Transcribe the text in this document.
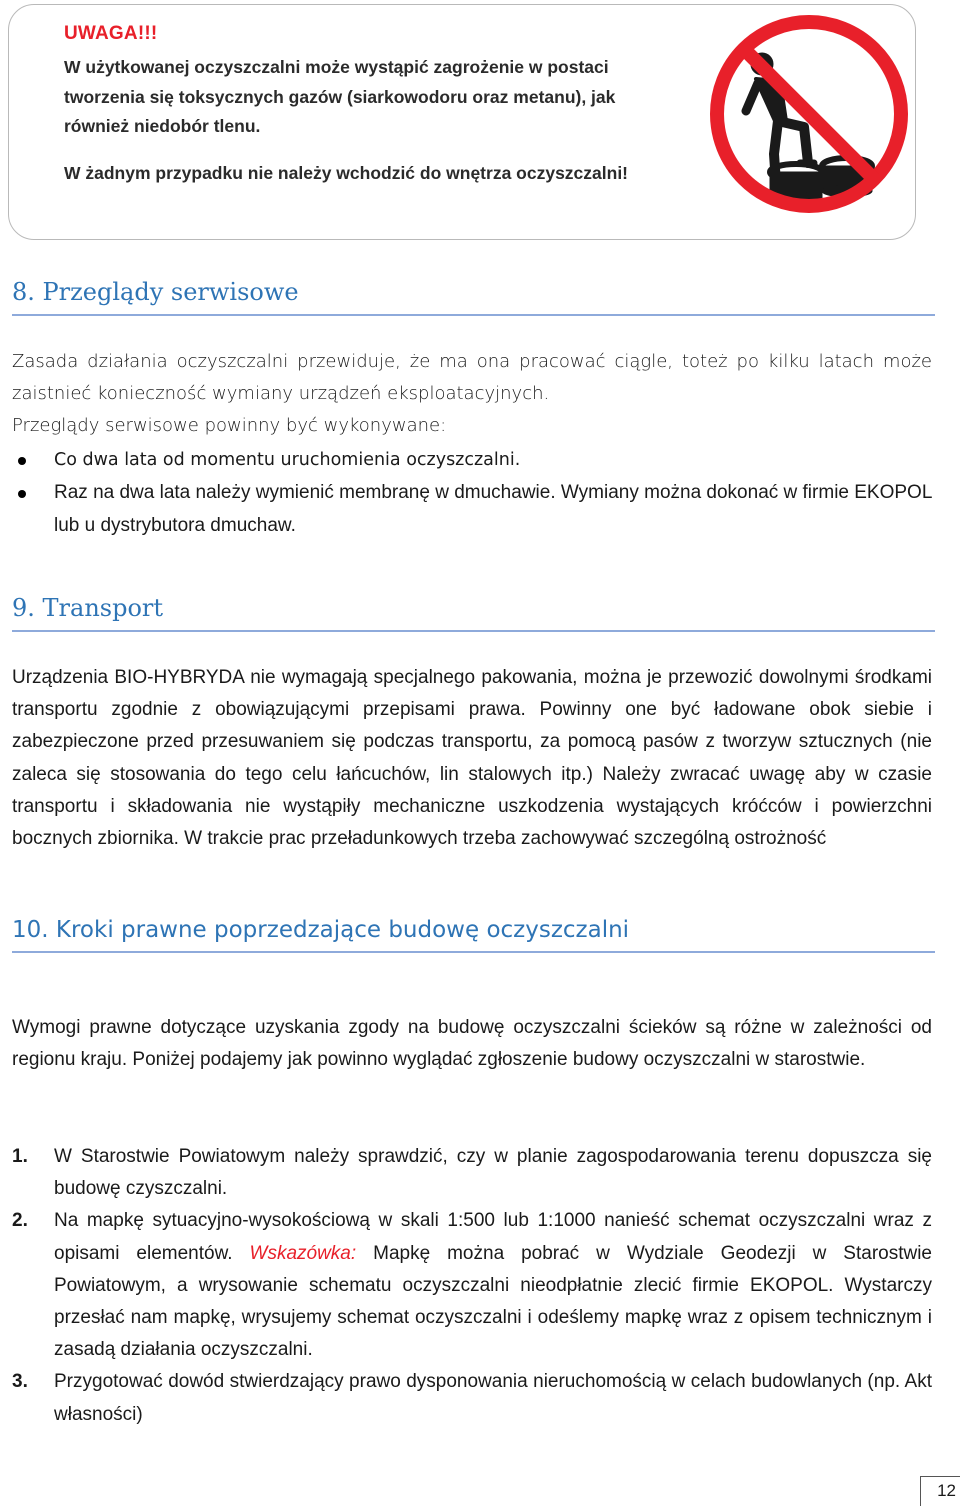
UWAGA!!!
W użytkowanej oczyszczalni może wystąpić zagrożenie w postaci
tworzenia się toksycznych gazów (siarkowodoru oraz metanu), jak
również niedobór tlenu.
W żadnym przypadku nie należy wchodzić do wnętrza oczyszczalni!
8. Przeglądy serwisowe
Zasada działania oczyszczalni przewiduje, że ma ona pracować ciągle, toteż po kilku latach może zaistnieć konieczność wymiany urządzeń eksploatacyjnych.
Przeglądy serwisowe powinny być wykonywane:
Co dwa lata od momentu uruchomienia oczyszczalni.
Raz na dwa lata należy wymienić membranę w dmuchawie. Wymiany można dokonać w firmie EKOPOL lub u dystrybutora dmuchaw.
9. Transport
Urządzenia BIO-HYBRYDA nie wymagają specjalnego pakowania, można je przewozić dowolnymi środkami transportu zgodnie z obowiązującymi przepisami prawa. Powinny one być ładowane obok siebie i zabezpieczone przed przesuwaniem się podczas transportu, za pomocą pasów z tworzyw sztucznych (nie zaleca się stosowania do tego celu łańcuchów, lin stalowych itp.) Należy zwracać uwagę aby w czasie transportu i składowania nie wystąpiły mechaniczne uszkodzenia wystających króćców i powierzchni bocznych zbiornika. W trakcie prac przeładunkowych trzeba zachowywać szczególną ostrożność
10. Kroki prawne poprzedzające budowę oczyszczalni
Wymogi prawne dotyczące uzyskania zgody na budowę oczyszczalni ścieków są różne w zależności od regionu kraju. Poniżej podajemy jak powinno wyglądać zgłoszenie budowy oczyszczalni w starostwie.
1. W Starostwie Powiatowym należy sprawdzić, czy w planie zagospodarowania terenu dopuszcza się budowę czyszczalni.
2. Na mapkę sytuacyjno-wysokościową w skali 1:500 lub 1:1000 nanieść schemat oczyszczalni wraz z opisami elementów. Wskazówka: Mapkę można pobrać w Wydziale Geodezji w Starostwie Powiatowym, a wrysowanie schematu oczyszczalni nieodpłatnie zlecić firmie EKOPOL. Wystarczy przesłać nam mapkę, wrysujemy schemat oczyszczalni i odeślemy mapkę wraz z opisem technicznym i zasadą działania oczyszczalni.
3. Przygotować dowód stwierdzający prawo dysponowania nieruchomością w celach budowlanych (np. Akt własności)
12
